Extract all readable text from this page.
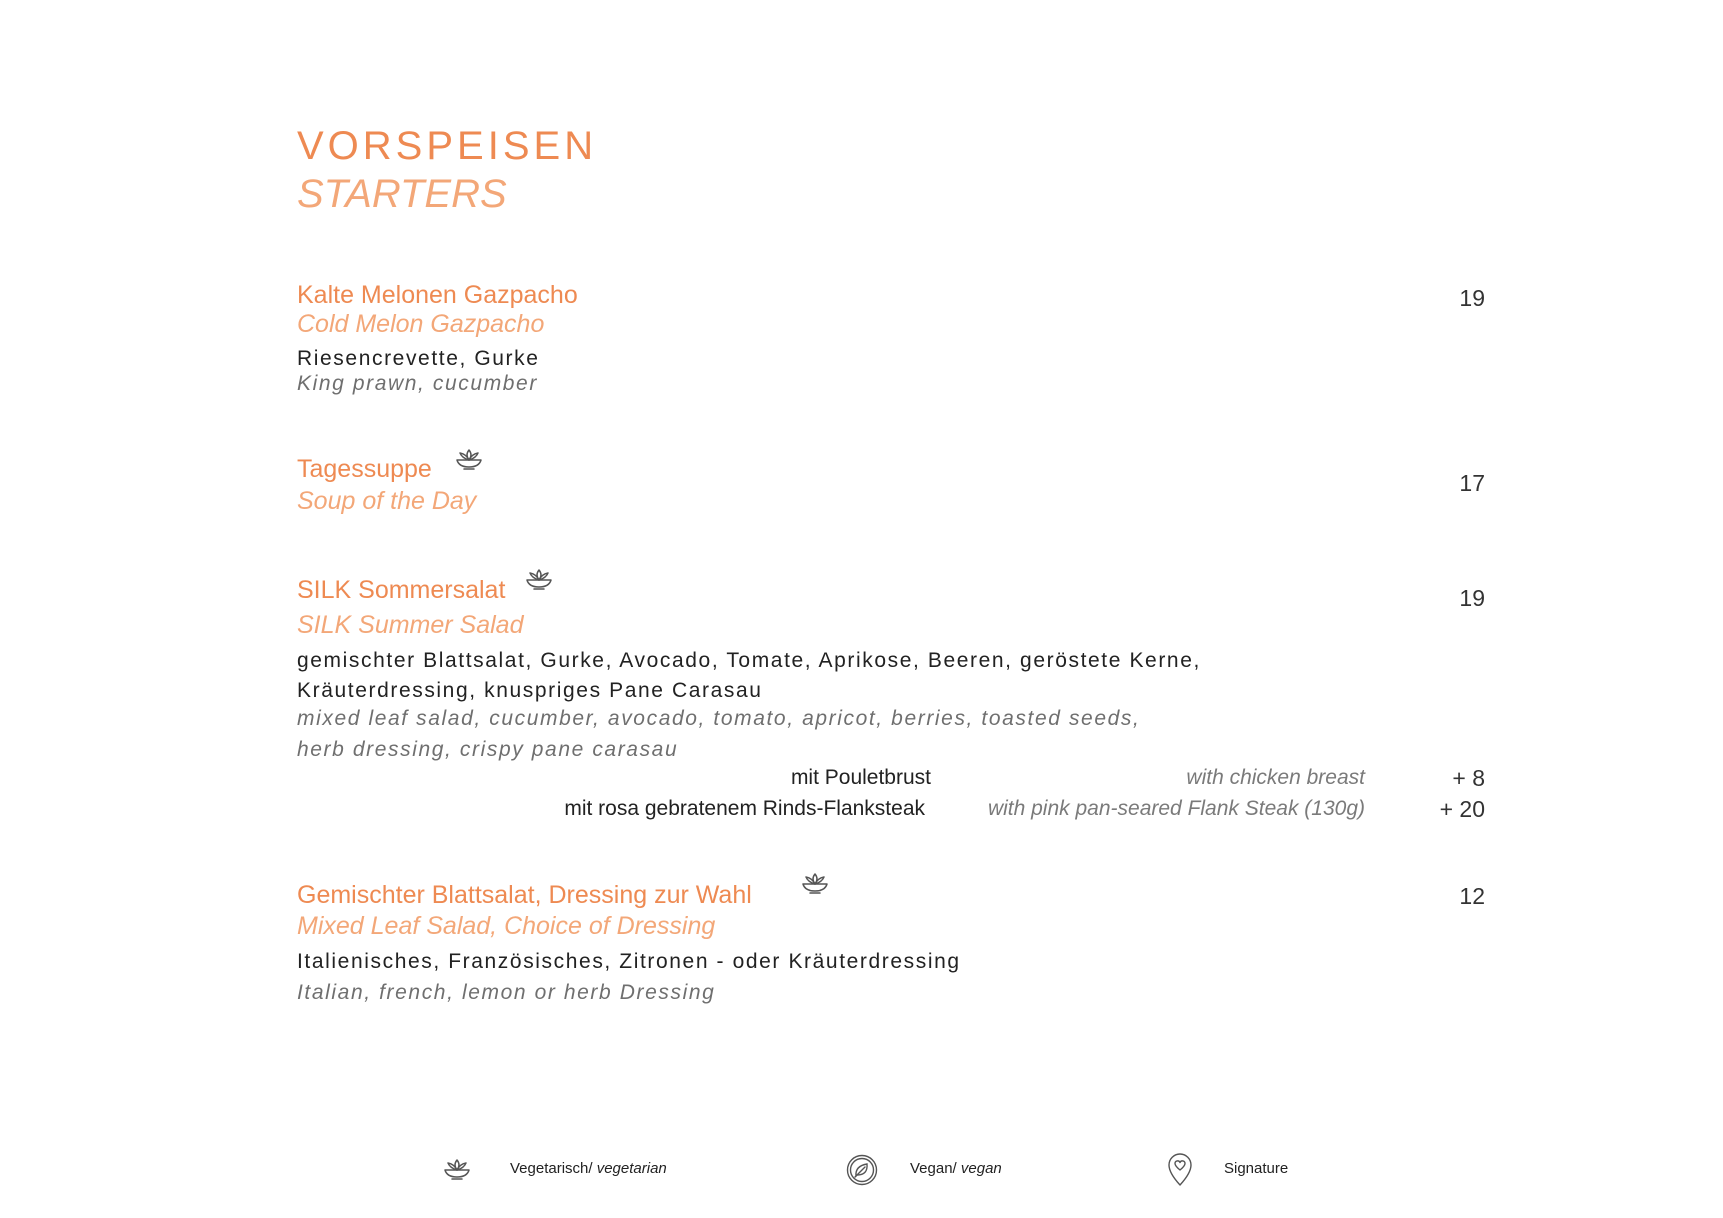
VORSPEISEN
STARTERS
Kalte Melonen Gazpacho
Cold Melon Gazpacho
Riesencrevette, Gurke
King prawn, cucumber
19
Tagessuppe
Soup of the Day
17
SILK Sommersalat
SILK Summer Salad
gemischter Blattsalat, Gurke, Avocado, Tomate, Aprikose, Beeren, geröstete Kerne,
Kräuterdressing, knuspriges Pane Carasau
mixed leaf salad, cucumber, avocado, tomato, apricot, berries, toasted seeds,
herb dressing, crispy pane carasau
19
mit Pouletbrust	with chicken breast	+ 8
mit rosa gebratenem Rinds-Flanksteak	with pink pan-seared Flank Steak (130g)	+ 20
Gemischter Blattsalat, Dressing zur Wahl
Mixed Leaf Salad, Choice of Dressing
Italienisches, Französisches, Zitronen - oder Kräuterdressing
Italian, french, lemon or herb Dressing
12
Vegetarisch/ vegetarian	Vegan/ vegan	Signature
